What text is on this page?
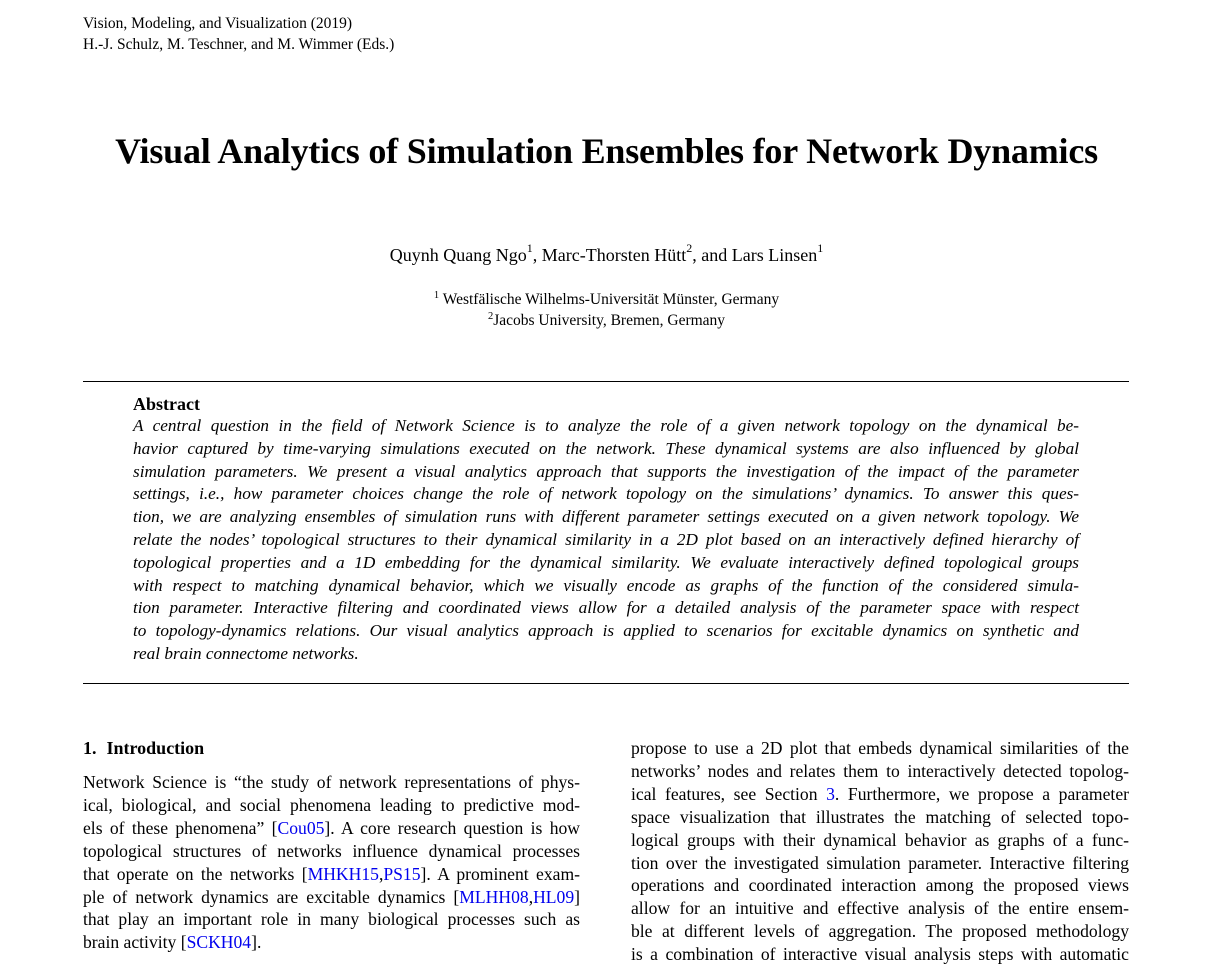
Vision, Modeling, and Visualization (2019)
H.-J. Schulz, M. Teschner, and M. Wimmer (Eds.)
Visual Analytics of Simulation Ensembles for Network Dynamics
Quynh Quang Ngo$^1$, Marc-Thorsten Hütt$^2$, and Lars Linsen$^1$
$^1$ Westfälische Wilhelms-Universität Münster, Germany
$^2$Jacobs University, Bremen, Germany
Abstract
A central question in the field of Network Science is to analyze the role of a given network topology on the dynamical be-
havior captured by time-varying simulations executed on the network. These dynamical systems are also influenced by global
simulation parameters. We present a visual analytics approach that supports the investigation of the impact of the parameter
settings, i.e., how parameter choices change the role of network topology on the simulations’ dynamics. To answer this ques-
tion, we are analyzing ensembles of simulation runs with different parameter settings executed on a given network topology. We
relate the nodes’ topological structures to their dynamical similarity in a 2D plot based on an interactively defined hierarchy of
topological properties and a 1D embedding for the dynamical similarity. We evaluate interactively defined topological groups
with respect to matching dynamical behavior, which we visually encode as graphs of the function of the considered simula-
tion parameter. Interactive filtering and coordinated views allow for a detailed analysis of the parameter space with respect
to topology-dynamics relations. Our visual analytics approach is applied to scenarios for excitable dynamics on synthetic and
real brain connectome networks.
1. Introduction
Network Science is “the study of network representations of phys-
ical, biological, and social phenomena leading to predictive mod-
els of these phenomena” [Cou05]. A core research question is how
topological structures of networks influence dynamical processes
that operate on the networks [MHKH15,PS15]. A prominent exam-
ple of network dynamics are excitable dynamics [MLHH08,HL09]
that play an important role in many biological processes such as
brain activity [SCKH04].
propose to use a 2D plot that embeds dynamical similarities of the
networks’ nodes and relates them to interactively detected topolog-
ical features, see Section 3. Furthermore, we propose a parameter
space visualization that illustrates the matching of selected topo-
logical groups with their dynamical behavior as graphs of a func-
tion over the investigated simulation parameter. Interactive filtering
operations and coordinated interaction among the proposed views
allow for an intuitive and effective analysis of the entire ensem-
ble at different levels of aggregation. The proposed methodology
is a combination of interactive visual analysis steps with automatic
